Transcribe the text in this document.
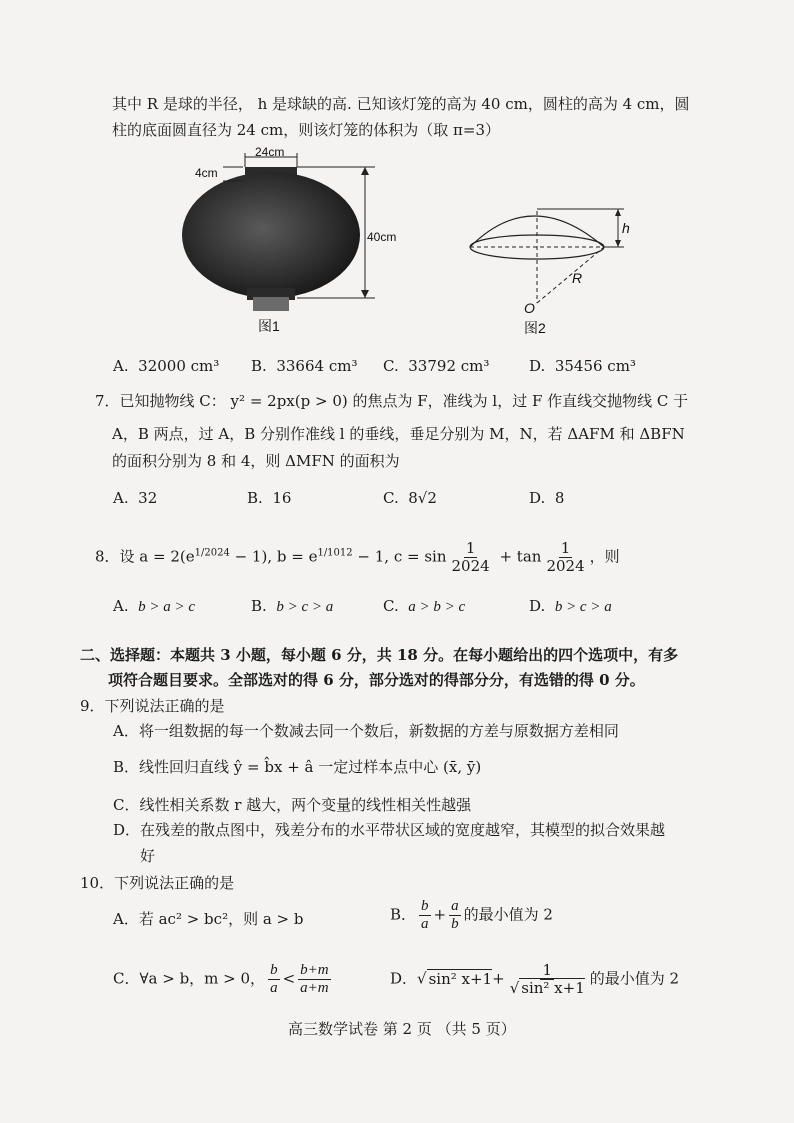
其中 R 是球的半径， h 是球缺的高. 已知该灯笼的高为 40 cm，圆柱的高为 4 cm，圆
柱的底面圆直径为 24 cm，则该灯笼的体积为（取 π=3）
24cm
4cm
40cm
图1
h
R
O
图2
A. 32000 cm³ B. 33664 cm³ C. 33792 cm³	D. 35456 cm³
7．已知抛物线 C： y² = 2px(p > 0) 的焦点为 F，准线为 l，过 F 作直线交抛物线 C 于
A，B 两点，过 A，B 分别作准线 l 的垂线，垂足分别为 M，N，若 ΔAFM 和 ΔBFN
的面积分别为 8 和 4，则 ΔMFN 的面积为
A. 32	B. 16	C. 8√2	D. 8
8．设 $a = 2(e^{1/2024} - 1)$, $b = e^{1/1012} - 1$, $c = \sin \frac{1}{2024} + \tan \frac{1}{2024}$ ，则
A. b > a > c	B. b > c > a	C. a > b > c	D. b > c > a
二、选择题：本题共 3 小题，每小题 6 分，共 18 分。在每小题给出的四个选项中，有多
项符合题目要求。全部选对的得 6 分，部分选对的得部分分，有选错的得 0 分。
9．下列说法正确的是
A．将一组数据的每一个数减去同一个数后，新数据的方差与原数据方差相同
B．线性回归直线 ŷ = b̂x + â 一定过样本点中心 (x̄, ȳ)
C．线性相关系数 r 越大，两个变量的线性相关性越强
D．在残差的散点图中，残差分布的水平带状区域的宽度越窄，其模型的拟合效果越
好
10．下列说法正确的是
A．若 ac² > bc²，则 a > b	B． $\frac{b}{a} + \frac{a}{b}$ 的最小值为 2
C．∀a > b，m > 0， $\frac{b}{a} < \frac{b+m}{a+m}$	D．√ sin² $x+1+ \frac{1}{\text{√ sin² x+1}}$ 的最小值为 2
高三数学试卷 第 2 页 （共 5 页）
